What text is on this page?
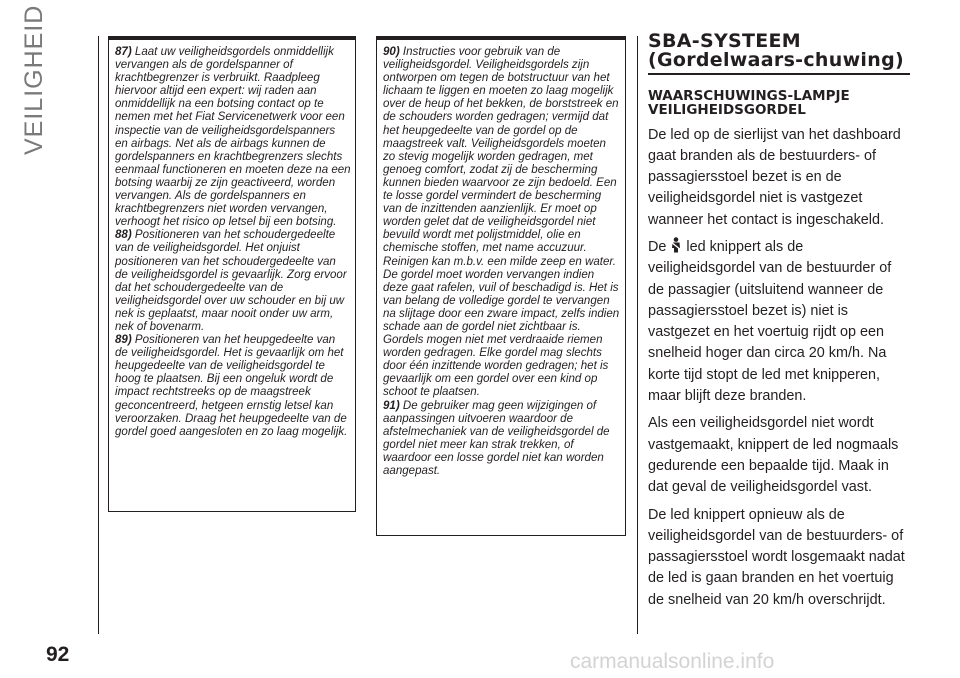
VEILIGHEID	87) Laat uw veiligheidsgordels onmiddellijk vervangen als de gordelspanner of krachtbegrenzer is verbruikt. Raadpleeg hiervoor altijd een expert: wij raden aan onmiddellijk na een botsing contact op te nemen met het Fiat Servicenetwerk voor een inspectie van de veiligheidsgordelspanners en airbags. Net als de airbags kunnen de gordelspanners en krachtbegrenzers slechts eenmaal functioneren en moeten deze na een botsing waarbij ze zijn geactiveerd, worden vervangen. Als de gordelspanners en krachtbegrenzers niet worden vervangen, verhoogt het risico op letsel bij een botsing.

88) Positioneren van het schoudergedeelte van de veiligheidsgordel. Het onjuist positioneren van het schoudergedeelte van de veiligheidsgordel is gevaarlijk. Zorg ervoor dat het schoudergedeelte van de veiligheidsgordel over uw schouder en bij uw nek is geplaatst, maar nooit onder uw arm, nek of bovenarm.

89) Positioneren van het heupgedeelte van de veiligheidsgordel. Het is gevaarlijk om het heupgedeelte van de veiligheidsgordel te hoog te plaatsen. Bij een ongeluk wordt de impact rechtstreeks op de maagstreek geconcentreerd, hetgeen ernstig letsel kan veroorzaken. Draag het heupgedeelte van de gordel goed aangesloten en zo laag mogelijk.

90) Instructies voor gebruik van de veiligheidsgordel. Veiligheidsgordels zijn ontworpen om tegen de botstructuur van het lichaam te liggen en moeten zo laag mogelijk over de heup of het bekken, de borststreek en de schouders worden gedragen; vermijd dat het heupgedeelte van de gordel op de maagstreek valt. Veiligheidsgordels moeten zo stevig mogelijk worden gedragen, met genoeg comfort, zodat zij de bescherming kunnen bieden waarvoor ze zijn bedoeld. Een te losse gordel vermindert de bescherming van de inzittenden aanzienlijk. Er moet op worden gelet dat de veiligheidsgordel niet bevuild wordt met polijstmiddel, olie en chemische stoffen, met name accuzuur. Reinigen kan m.b.v. een milde zeep en water. De gordel moet worden vervangen indien deze gaat rafelen, vuil of beschadigd is. Het is van belang de volledige gordel te vervangen na slijtage door een zware impact, zelfs indien schade aan de gordel niet zichtbaar is. Gordels mogen niet met verdraaide riemen worden gedragen. Elke gordel mag slechts door één inzittende worden gedragen; het is gevaarlijk om een gordel over een kind op schoot te plaatsen.

91) De gebruiker mag geen wijzigingen of aanpassingen uitvoeren waardoor de afstelmechaniek van de veiligheidsgordel de gordel niet meer kan strak trekken, of waardoor een losse gordel niet kan worden aangepast.

SBA-SYSTEEM (Gordelwaars-chuwing)
WAARSCHUWINGS-LAMPJE VEILIGHEIDSGORDEL

De led op de sierlijst van het dashboard gaat branden als de bestuurders- of passagiersstoel bezet is en de veiligheidsgordel niet is vastgezet wanneer het contact is ingeschakeld.

De led knippert als de veiligheidsgordel van de bestuurder of de passagier (uitsluitend wanneer de passagiersstoel bezet is) niet is vastgezet en het voertuig rijdt op een snelheid hoger dan circa 20 km/h. Na korte tijd stopt de led met knipperen, maar blijft deze branden.

Als een veiligheidsgordel niet wordt vastgemaakt, knippert de led nogmaals gedurende een bepaalde tijd. Maak in dat geval de veiligheidsgordel vast.

De led knippert opnieuw als de veiligheidsgordel van de bestuurders- of passagiersstoel wordt losgemaakt nadat de led is gaan branden en het voertuig de snelheid van 20 km/h overschrijdt.

92	carmanualsonline.info
